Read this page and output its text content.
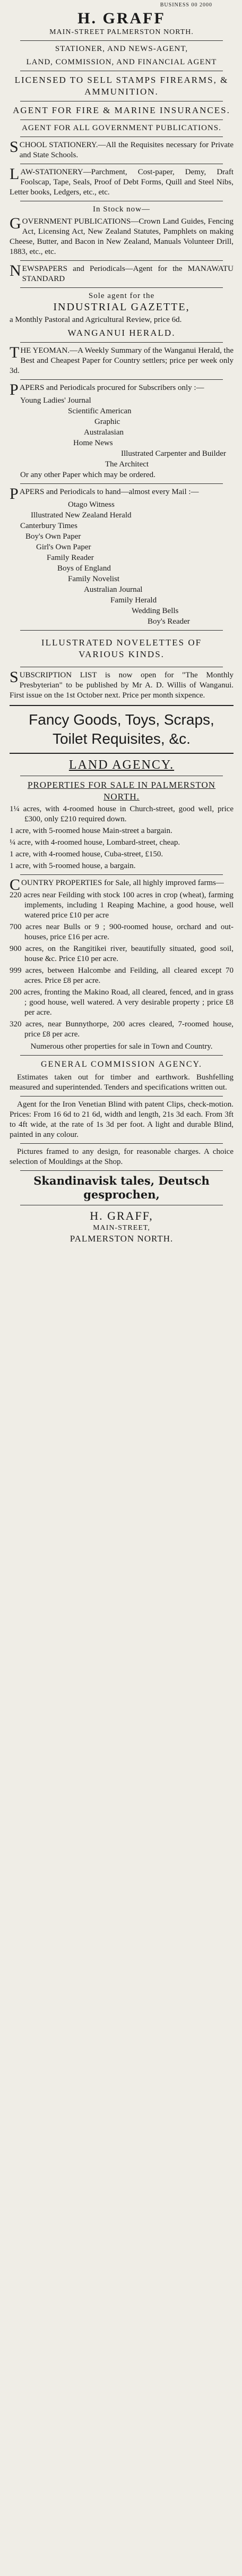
BUSINESS 00 2000
H. GRAFF
MAIN-STREET PALMERSTON NORTH.
STATIONER, AND NEWS-AGENT,
LAND, COMMISSION, AND FINANCIAL AGENT
LICENSED TO SELL STAMPS FIREARMS, & AMMUNITION.
AGENT FOR FIRE & MARINE INSURANCES.
AGENT FOR ALL GOVERNMENT PUBLICATIONS.
SCHOOL STATIONERY.—All the Requisites necessary for Private and State Schools.
LAW-STATIONERY—Parchment, Cost-paper, Demy, Draft Foolscap, Tape, Seals, Proof of Debt Forms, Quill and Steel Nibs, Letter books, Ledgers, etc., etc.
In Stock now—
GOVERNMENT PUBLICATIONS—Crown Land Guides, Fencing Act, Licensing Act, New Zealand Statutes, Pamphlets on making Cheese, Butter, and Bacon in New Zealand, Manuals Volunteer Drill, 1883, etc., etc.
NEWSPAPERS and Periodicals—Agent for the MANAWATU STANDARD
Sole agent for the
INDUSTRIAL GAZETTE,
a Monthly Pastoral and Agricultural Review, price 6d.
WANGANUI HERALD.
THE YEOMAN.—A Weekly Summary of the Wanganui Herald, the Best and Cheapest Paper for Country settlers; price per week only 3d.
PAPERS and Periodicals procured for Subscribers only :—
Young Ladies' Journal
Scientific American
Graphic
Australasian
Home News
Illustrated Carpenter and Builder
The Architect
Or any other Paper which may be ordered.
PAPERS and Periodicals to hand—almost every Mail :—
Otago Witness
Illustrated New Zealand Herald
Canterbury Times
Boy's Own Paper
Girl's Own Paper
Family Reader
Boys of England
Family Novelist
Australian Journal
Family Herald
Wedding Bells
Boy's Reader
ILLUSTRATED NOVELETTES OF VARIOUS KINDS.
SUBSCRIPTION LIST is now open for "The Monthly Presbyterian" to be published by Mr A. D. Willis of Wanganui. First issue on the 1st October next. Price per month sixpence.
Fancy Goods, Toys, Scraps, Toilet Requisites, &c.
LAND AGENCY.
PROPERTIES FOR SALE IN PALMERSTON NORTH.
1¼ acres, with 4-roomed house in Church-street, good well, price £300, only £210 required down.
1 acre, with 5-roomed house Main-street a bargain.
¼ acre, with 4-roomed house, Lombard-street, cheap.
1 acre, with 4-roomed house, Cuba-street, £150.
1 acre, with 5-roomed house, a bargain.
COUNTRY PROPERTIES for Sale, all highly improved farms—
220 acres near Feilding with stock 100 acres in crop (wheat), farming implements, including 1 Reaping Machine, a good house, well watered price £10 per acre
700 acres near Bulls or 9 ; 900-roomed house, orchard and out-houses, price £16 per acre.
900 acres, on the Rangitikei river, beautifully situated, good soil, house &c. Price £10 per acre.
999 acres, between Halcombe and Feilding, all cleared except 70 acres. Price £8 per acre.
200 acres, fronting the Makino Road, all cleared, fenced, and in grass ; good house, well watered. A very desirable property ; price £8 per acre.
320 acres, near Bunnythorpe, 200 acres cleared, 7-roomed house, price £8 per acre.
Numerous other properties for sale in Town and Country.
GENERAL COMMISSION AGENCY.
Estimates taken out for timber and earthwork. Bushfelling measured and superintended. Tenders and specifications written out.
Agent for the Iron Venetian Blind with patent Clips, check-motion. Prices: From 16 6d to 21 6d, width and length, 21s 3d each. From 3ft to 4ft wide, at the rate of 1s 3d per foot. A light and durable Blind, painted in any colour.
Pictures framed to any design, for reasonable charges. A choice selection of Mouldings at the Shop.
Skandinavisk tales, Deutsch gesprochen,
H. GRAFF,
MAIN-STREET,
PALMERSTON NORTH.
